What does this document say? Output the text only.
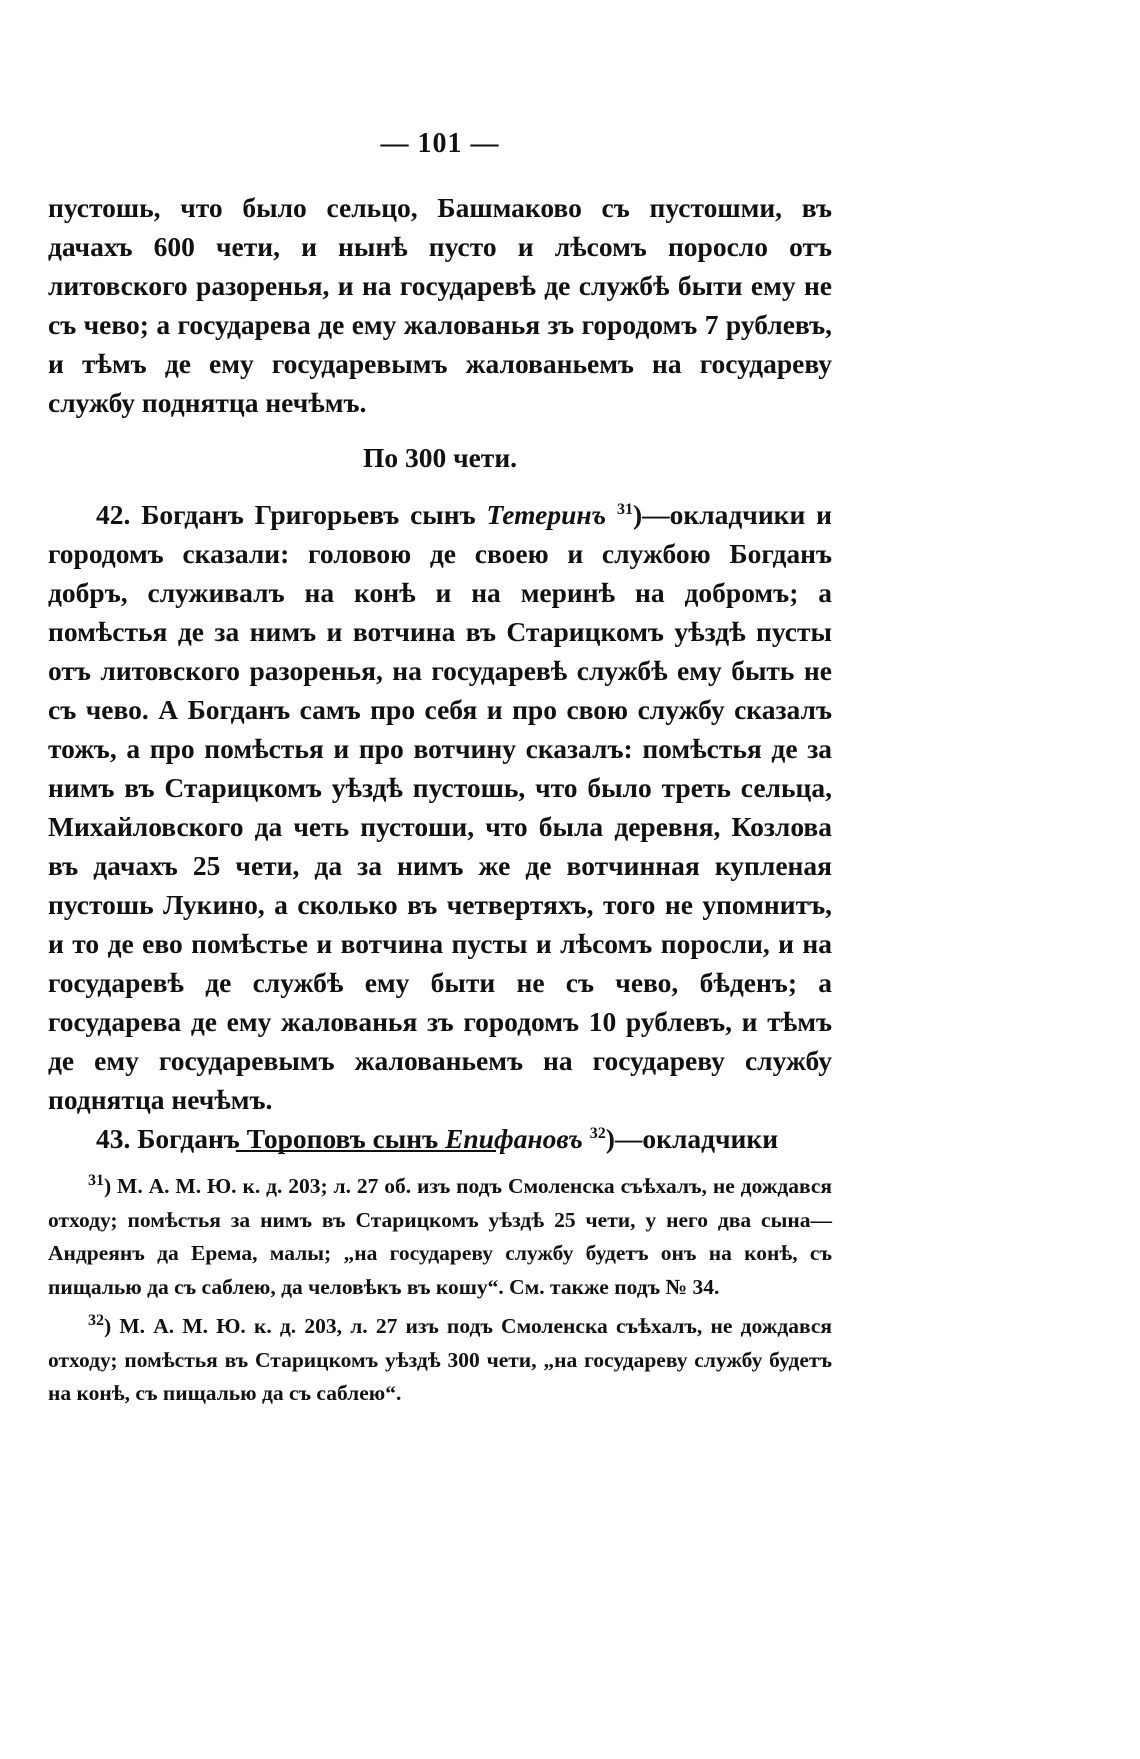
— 101 —

пустошь, что было сельцо, Башмаково съ пустошми, въ дачахъ 600 чети, и нынѣ пусто и лѣсомъ поросло отъ литовского разоренья, и на государевѣ де службѣ быти ему не съ чево; а государева де ему жалованья зъ городомъ 7 рублевъ, и тѣмъ де ему государевымъ жалованьемъ на государеву службу поднятца нечѣмъ.

По 300 чети.

42. Богданъ Григорьевъ сынъ Тетеринъ $^{31}$)—окладчики и городомъ сказали: головою де своею и службою Богданъ добръ, служивалъ на конѣ и на меринѣ на добромъ; а помѣстья де за нимъ и вотчина въ Старицкомъ уѣздѣ пусты отъ литовского разоренья, на государевѣ службѣ ему быть не съ чево. А Богданъ самъ про себя и про свою службу сказалъ тожъ, а про помѣстья и про вотчину сказалъ: помѣстья де за нимъ въ Старицкомъ уѣздѣ пустошь, что было треть сельца, Михайловского да четь пустоши, что была деревня, Козлова въ дачахъ 25 чети, да за нимъ же де вотчинная купленая пустошь Лукино, а сколько въ четвертяхъ, того не упомнитъ, и то де ево помѣстье и вотчина пусты и лѣсомъ поросли, и на государевѣ де службѣ ему быти не съ чево, бѣденъ; а государева де ему жалованья зъ городомъ 10 рублевъ, и тѣмъ де ему государевымъ жалованьемъ на государеву службу поднятца нечѣмъ.

43. Богданъ Тороповъ сынъ Епифановъ $^{32}$)—окладчики

$^{31}$) М. А. М. Ю. к. д. 203; л. 27 об. изъ подъ Смоленска съѣхалъ, не дождався отходу; помѣстья за нимъ въ Старицкомъ уѣздѣ 25 чети, у него два сына—Андреянъ да Ерема, малы; „на государеву службу будетъ онъ на конѣ, съ пищалью да съ саблею, да человѣкъ въ кошу“. См. также подъ № 34.

$^{32}$) М. А. М. Ю. к. д. 203, л. 27 изъ подъ Смоленска съѣхалъ, не дождався отходу; помѣстья въ Старицкомъ уѣздѣ 300 чети, „на государеву службу будетъ на конѣ, съ пищалью да съ саблею“.
